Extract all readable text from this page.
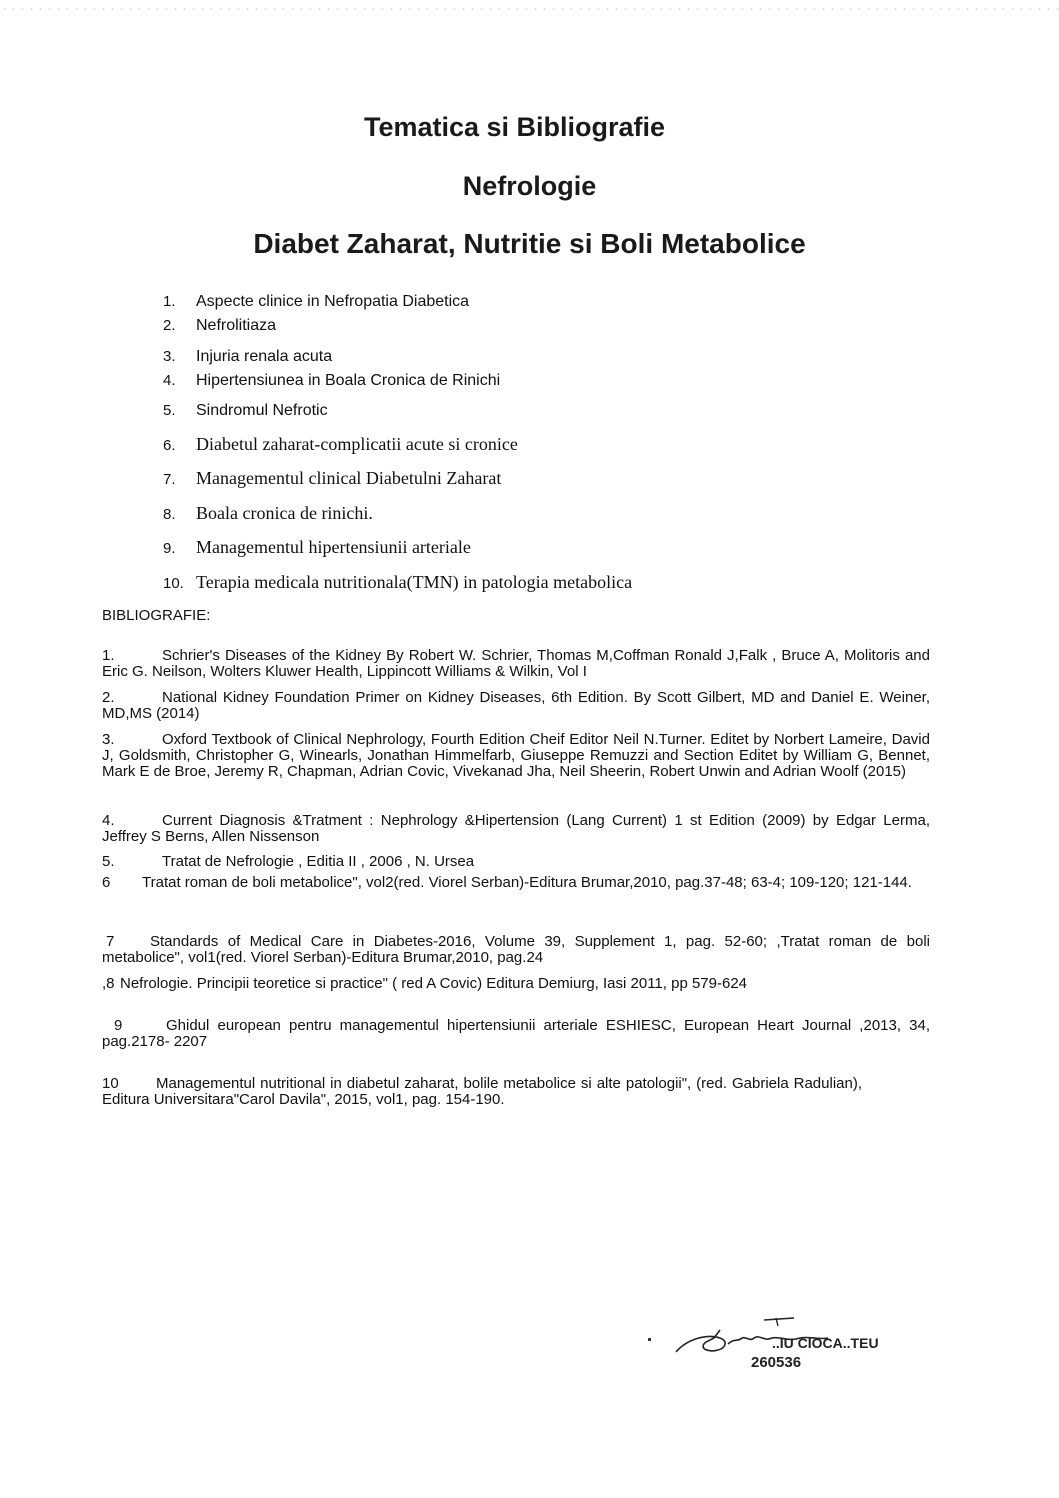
Tematica si Bibliografie
Nefrologie
Diabet Zaharat, Nutritie si Boli Metabolice
1. Aspecte clinice in Nefropatia Diabetica
2. Nefrolitiaza
3. Injuria renala acuta
4. Hipertensiunea in Boala Cronica de Rinichi
5. Sindromul Nefrotic
6. Diabetul zaharat-complicatii acute si cronice
7. Managementul clinical Diabetulni Zaharat
8. Boala cronica de rinichi.
9. Managementul hipertensiunii arteriale
10. Terapia medicala nutritionala(TMN) in patologia metabolica
BIBLIOGRAFIE:
1.	Schrier's Diseases of the Kidney By Robert W. Schrier, Thomas M,Coffman Ronald J,Falk , Bruce A, Molitoris and Eric G. Neilson, Wolters Kluwer Health, Lippincott Williams & Wilkin, Vol I
2.	National Kidney Foundation Primer on Kidney Diseases, 6th Edition. By Scott Gilbert, MD and Daniel E. Weiner, MD,MS (2014)
3.	Oxford Textbook of Clinical Nephrology, Fourth Edition Cheif Editor Neil N.Turner. Editet by Norbert Lameire, David J, Goldsmith, Christopher G, Winearls, Jonathan Himmelfarb, Giuseppe Remuzzi and Section Editet by William G, Bennet, Mark E de Broe, Jeremy R, Chapman, Adrian Covic, Vivekanad Jha, Neil Sheerin, Robert Unwin and Adrian Woolf (2015)
4.	Current Diagnosis &Tratment : Nephrology &Hipertension (Lang Current) 1 st Edition (2009) by Edgar Lerma, Jeffrey S Berns, Allen Nissenson
5.	Tratat de Nefrologie , Editia II , 2006 , N. Ursea
6 Tratat roman de boli metabolice", vol2(red. Viorel Serban)-Editura Brumar,2010, pag.37-48; 63-4; 109-120; 121-144.
7 Standards of Medical Care in Diabetes-2016, Volume 39, Supplement 1, pag. 52-60; ,Tratat roman de boli metabolice", vol1(red. Viorel Serban)-Editura Brumar,2010, pag.24
,8 Nefrologie. Principii teoretice si practice" ( red A Covic) Editura Demiurg, Iasi 2011, pp 579-624
9	Ghidul european pentru managementul hipertensiunii arteriale ESHIESC, European Heart Journal ,2013, 34, pag.2178- 2207
10 Managementul nutritional in diabetul zaharat, bolile metabolice si alte patologii", (red. Gabriela Radulian), Editura Universitara"Carol Davila", 2015, vol1, pag. 154-190.
..IU CIOCA..TEU
260536
